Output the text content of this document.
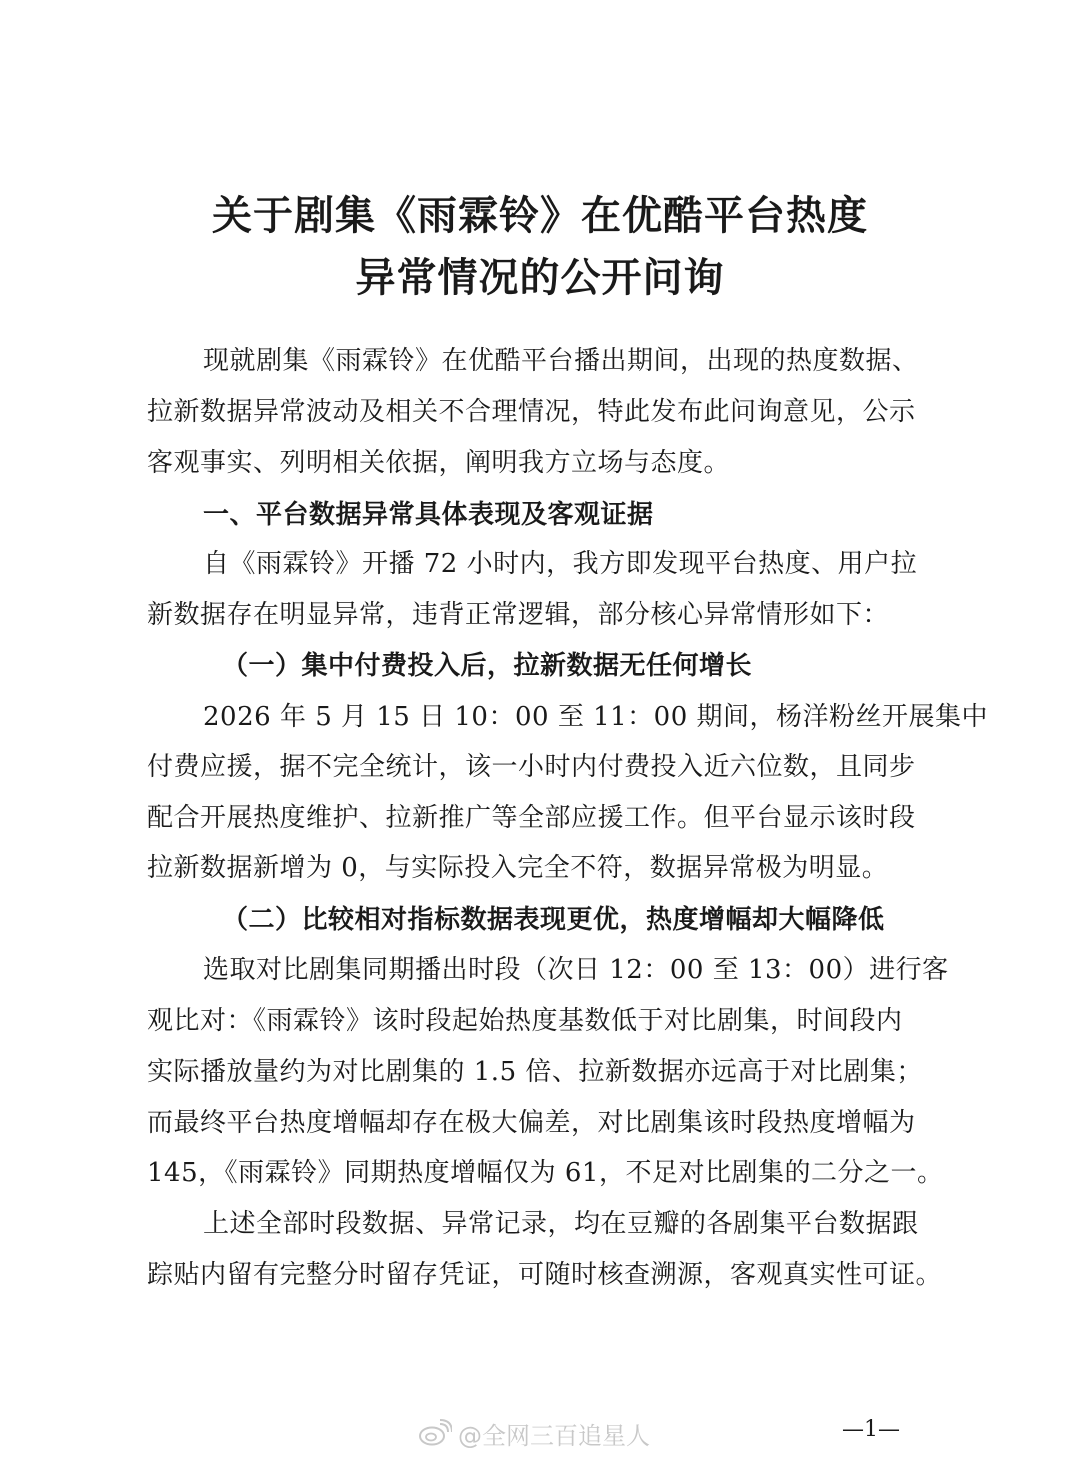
关于剧集《雨霖铃》在优酷平台热度
异常情况的公开问询
现就剧集《雨霖铃》在优酷平台播出期间，出现的热度数据、
拉新数据异常波动及相关不合理情况，特此发布此问询意见，公示
客观事实、列明相关依据，阐明我方立场与态度。
一、平台数据异常具体表现及客观证据
自《雨霖铃》开播 72 小时内，我方即发现平台热度、用户拉
新数据存在明显异常，违背正常逻辑，部分核心异常情形如下：
（一）集中付费投入后，拉新数据无任何增长
2026 年 5 月 15 日 10：00 至 11：00 期间，杨洋粉丝开展集中
付费应援，据不完全统计，该一小时内付费投入近六位数，且同步
配合开展热度维护、拉新推广等全部应援工作。但平台显示该时段
拉新数据新增为 0，与实际投入完全不符，数据异常极为明显。
（二）比较相对指标数据表现更优，热度增幅却大幅降低
选取对比剧集同期播出时段（次日 12：00 至 13：00）进行客
观比对：《雨霖铃》该时段起始热度基数低于对比剧集，时间段内
实际播放量约为对比剧集的 1.5 倍、拉新数据亦远高于对比剧集；
而最终平台热度增幅却存在极大偏差，对比剧集该时段热度增幅为
145，《雨霖铃》同期热度增幅仅为 61，不足对比剧集的二分之一。
上述全部时段数据、异常记录，均在豆瓣的各剧集平台数据跟
踪贴内留有完整分时留存凭证，可随时核查溯源，客观真实性可证。
—1—
@全网三百追星人
